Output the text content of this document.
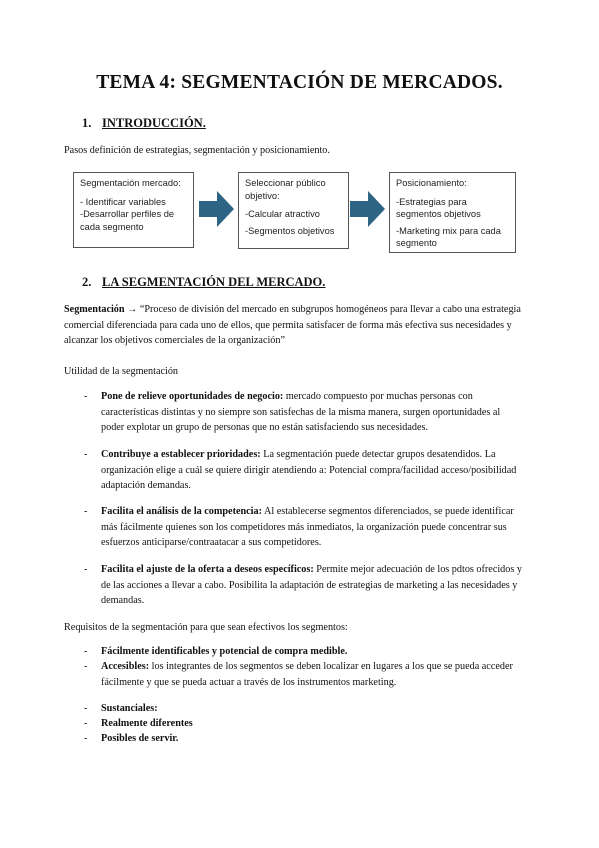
TEMA 4: SEGMENTACIÓN DE MERCADOS.
1. INTRODUCCIÓN.
Pasos definición de estrategias, segmentación y posicionamiento.
Segmentación mercado:
- Identificar variables
-Desarrollar perfiles de cada segmento
Seleccionar público objetivo:
-Calcular atractivo
-Segmentos objetivos
Posicionamiento:
-Estrategias para segmentos objetivos
-Marketing mix para cada segmento
2. LA SEGMENTACIÓN DEL MERCADO.
Segmentación → “Proceso de división del mercado en subgrupos homogéneos para llevar a cabo una estrategia comercial diferenciada para cada uno de ellos, que permita satisfacer de forma más efectiva sus necesidades y alcanzar los objetivos comerciales de la organización”
Utilidad de la segmentación
- Pone de relieve oportunidades de negocio: mercado compuesto por muchas personas con características distintas y no siempre son satisfechas de la misma manera, surgen oportunidades al poder explotar un grupo de personas que no están satisfaciendo sus necesidades.
- Contribuye a establecer prioridades: La segmentación puede detectar grupos desatendidos. La organización elige a cuál se quiere dirigir atendiendo a: Potencial compra/facilidad acceso/posibilidad adaptación demandas.
- Facilita el análisis de la competencia: Al establecerse segmentos diferenciados, se puede identificar más fácilmente quienes son los competidores más inmediatos, la organización puede concentrar sus esfuerzos anticiparse/contraatacar a sus competidores.
- Facilita el ajuste de la oferta a deseos específicos: Permite mejor adecuación de los pdtos ofrecidos y de las acciones a llevar a cabo. Posibilita la adaptación de estrategias de marketing a las necesidades y demandas.
Requisitos de la segmentación para que sean efectivos los segmentos:
- Fácilmente identificables y potencial de compra medible.
- Accesibles: los integrantes de los segmentos se deben localizar en lugares a los que se pueda acceder fácilmente y que se pueda actuar a través de los instrumentos marketing.
- Sustanciales:
- Realmente diferentes
- Posibles de servir.
